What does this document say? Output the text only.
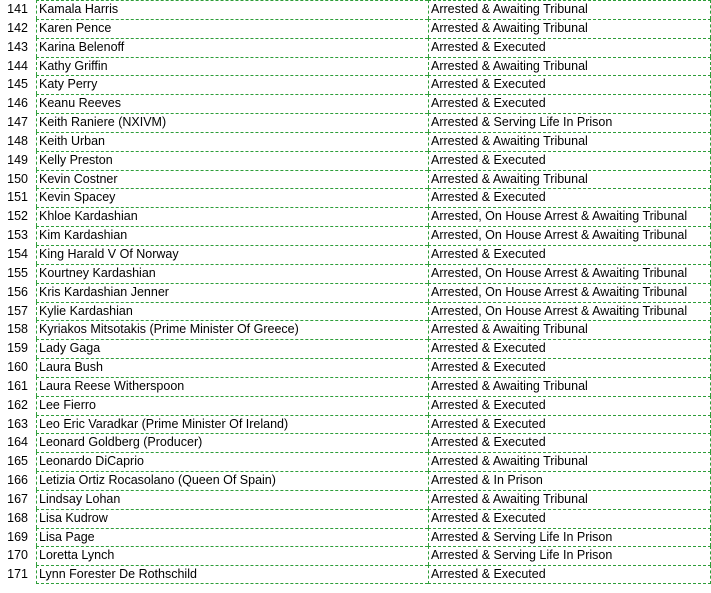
141 Kamala Harris	Arrested & Awaiting Tribunal
142 Karen Pence	Arrested & Awaiting Tribunal
143 Karina Belenoff	Arrested & Executed
144 Kathy Griffin	Arrested & Awaiting Tribunal
145 Katy Perry	Arrested & Executed
146 Keanu Reeves	Arrested & Executed
147 Keith Raniere (NXIVM)	Arrested & Serving Life In Prison
148 Keith Urban	Arrested & Awaiting Tribunal
149 Kelly Preston	Arrested & Executed
150 Kevin Costner	Arrested & Awaiting Tribunal
151 Kevin Spacey	Arrested & Executed
152 Khloe Kardashian	Arrested, On House Arrest & Awaiting Tribunal
153 Kim Kardashian	Arrested, On House Arrest & Awaiting Tribunal
154 King Harald V Of Norway	Arrested & Executed
155 Kourtney Kardashian	Arrested, On House Arrest & Awaiting Tribunal
156 Kris Kardashian Jenner	Arrested, On House Arrest & Awaiting Tribunal
157 Kylie Kardashian	Arrested, On House Arrest & Awaiting Tribunal
158 Kyriakos Mitsotakis (Prime Minister Of Greece)	Arrested & Awaiting Tribunal
159 Lady Gaga	Arrested & Executed
160 Laura Bush	Arrested & Executed
161 Laura Reese Witherspoon	Arrested & Awaiting Tribunal
162 Lee Fierro	Arrested & Executed
163 Leo Eric Varadkar (Prime Minister Of Ireland)	Arrested & Executed
164 Leonard Goldberg (Producer)	Arrested & Executed
165 Leonardo DiCaprio	Arrested & Awaiting Tribunal
166 Letizia Ortiz Rocasolano (Queen Of Spain)	Arrested & In Prison
167 Lindsay Lohan	Arrested & Awaiting Tribunal
168 Lisa Kudrow	Arrested & Executed
169 Lisa Page	Arrested & Serving Life In Prison
170 Loretta Lynch	Arrested & Serving Life In Prison
171 Lynn Forester De Rothschild	Arrested & Executed
